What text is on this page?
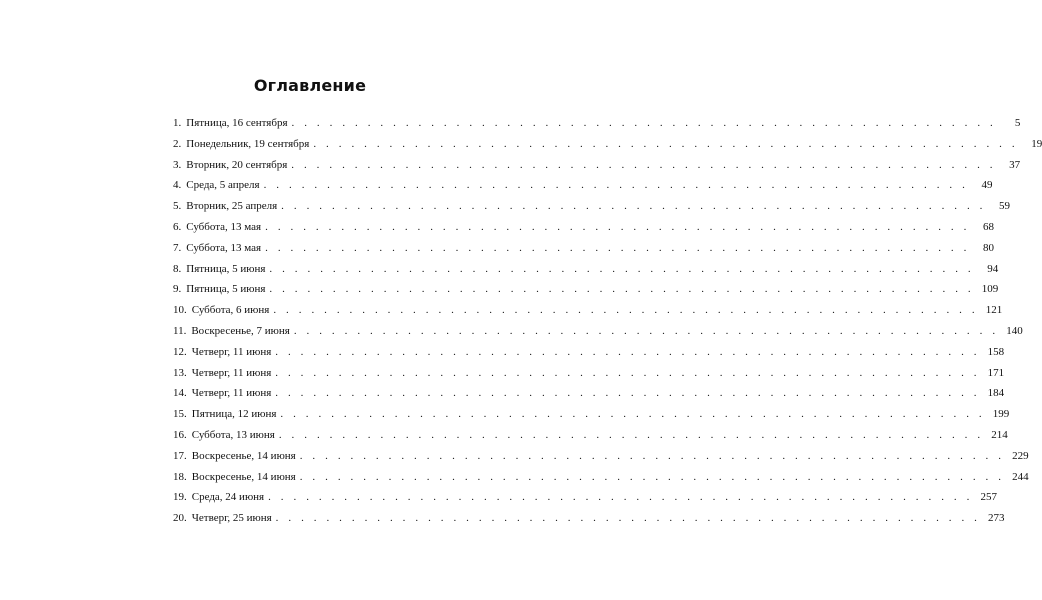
Оглавление
1. Пятница, 16 сентября . . . . . . . . . . . . . . . . . . . . . . . . . . . . . . . . . . . . . . . . . . . . . . . . . . . . . . . .	5
2. Понедельник, 19 сентября . . . . . . . . . . . . . . . . . . . . . . . . . . . . . . . . . . . . . . . . . . . . . . . . . . . . . . . .	19
3. Вторник, 20 сентября . . . . . . . . . . . . . . . . . . . . . . . . . . . . . . . . . . . . . . . . . . . . . . . . . . . . . . . .	37
4. Среда, 5 апреля . . . . . . . . . . . . . . . . . . . . . . . . . . . . . . . . . . . . . . . . . . . . . . . . . . . . . . . .	49
5. Вторник, 25 апреля . . . . . . . . . . . . . . . . . . . . . . . . . . . . . . . . . . . . . . . . . . . . . . . . . . . . . . . .	59
6. Суббота, 13 мая . . . . . . . . . . . . . . . . . . . . . . . . . . . . . . . . . . . . . . . . . . . . . . . . . . . . . . . .	68
7. Суббота, 13 мая . . . . . . . . . . . . . . . . . . . . . . . . . . . . . . . . . . . . . . . . . . . . . . . . . . . . . . . .	80
8. Пятница, 5 июня . . . . . . . . . . . . . . . . . . . . . . . . . . . . . . . . . . . . . . . . . . . . . . . . . . . . . . . .	94
9. Пятница, 5 июня . . . . . . . . . . . . . . . . . . . . . . . . . . . . . . . . . . . . . . . . . . . . . . . . . . . . . . . . 109
10. Суббота, 6 июня . . . . . . . . . . . . . . . . . . . . . . . . . . . . . . . . . . . . . . . . . . . . . . . . . . . . . . . . 121
11. Воскресенье, 7 июня . . . . . . . . . . . . . . . . . . . . . . . . . . . . . . . . . . . . . . . . . . . . . . . . . . . . . . . . 140
12. Четверг, 11 июня . . . . . . . . . . . . . . . . . . . . . . . . . . . . . . . . . . . . . . . . . . . . . . . . . . . . . . . . 158
13. Четверг, 11 июня . . . . . . . . . . . . . . . . . . . . . . . . . . . . . . . . . . . . . . . . . . . . . . . . . . . . . . . . 171
14. Четверг, 11 июня . . . . . . . . . . . . . . . . . . . . . . . . . . . . . . . . . . . . . . . . . . . . . . . . . . . . . . . . 184
15. Пятница, 12 июня . . . . . . . . . . . . . . . . . . . . . . . . . . . . . . . . . . . . . . . . . . . . . . . . . . . . . . . . 199
16. Суббота, 13 июня . . . . . . . . . . . . . . . . . . . . . . . . . . . . . . . . . . . . . . . . . . . . . . . . . . . . . . . . 214
17. Воскресенье, 14 июня . . . . . . . . . . . . . . . . . . . . . . . . . . . . . . . . . . . . . . . . . . . . . . . . . . . . . . . . 229
18. Воскресенье, 14 июня . . . . . . . . . . . . . . . . . . . . . . . . . . . . . . . . . . . . . . . . . . . . . . . . . . . . . . . . 244
19. Среда, 24 июня . . . . . . . . . . . . . . . . . . . . . . . . . . . . . . . . . . . . . . . . . . . . . . . . . . . . . . . . 257
20. Четверг, 25 июня . . . . . . . . . . . . . . . . . . . . . . . . . . . . . . . . . . . . . . . . . . . . . . . . . . . . . . . . 273
